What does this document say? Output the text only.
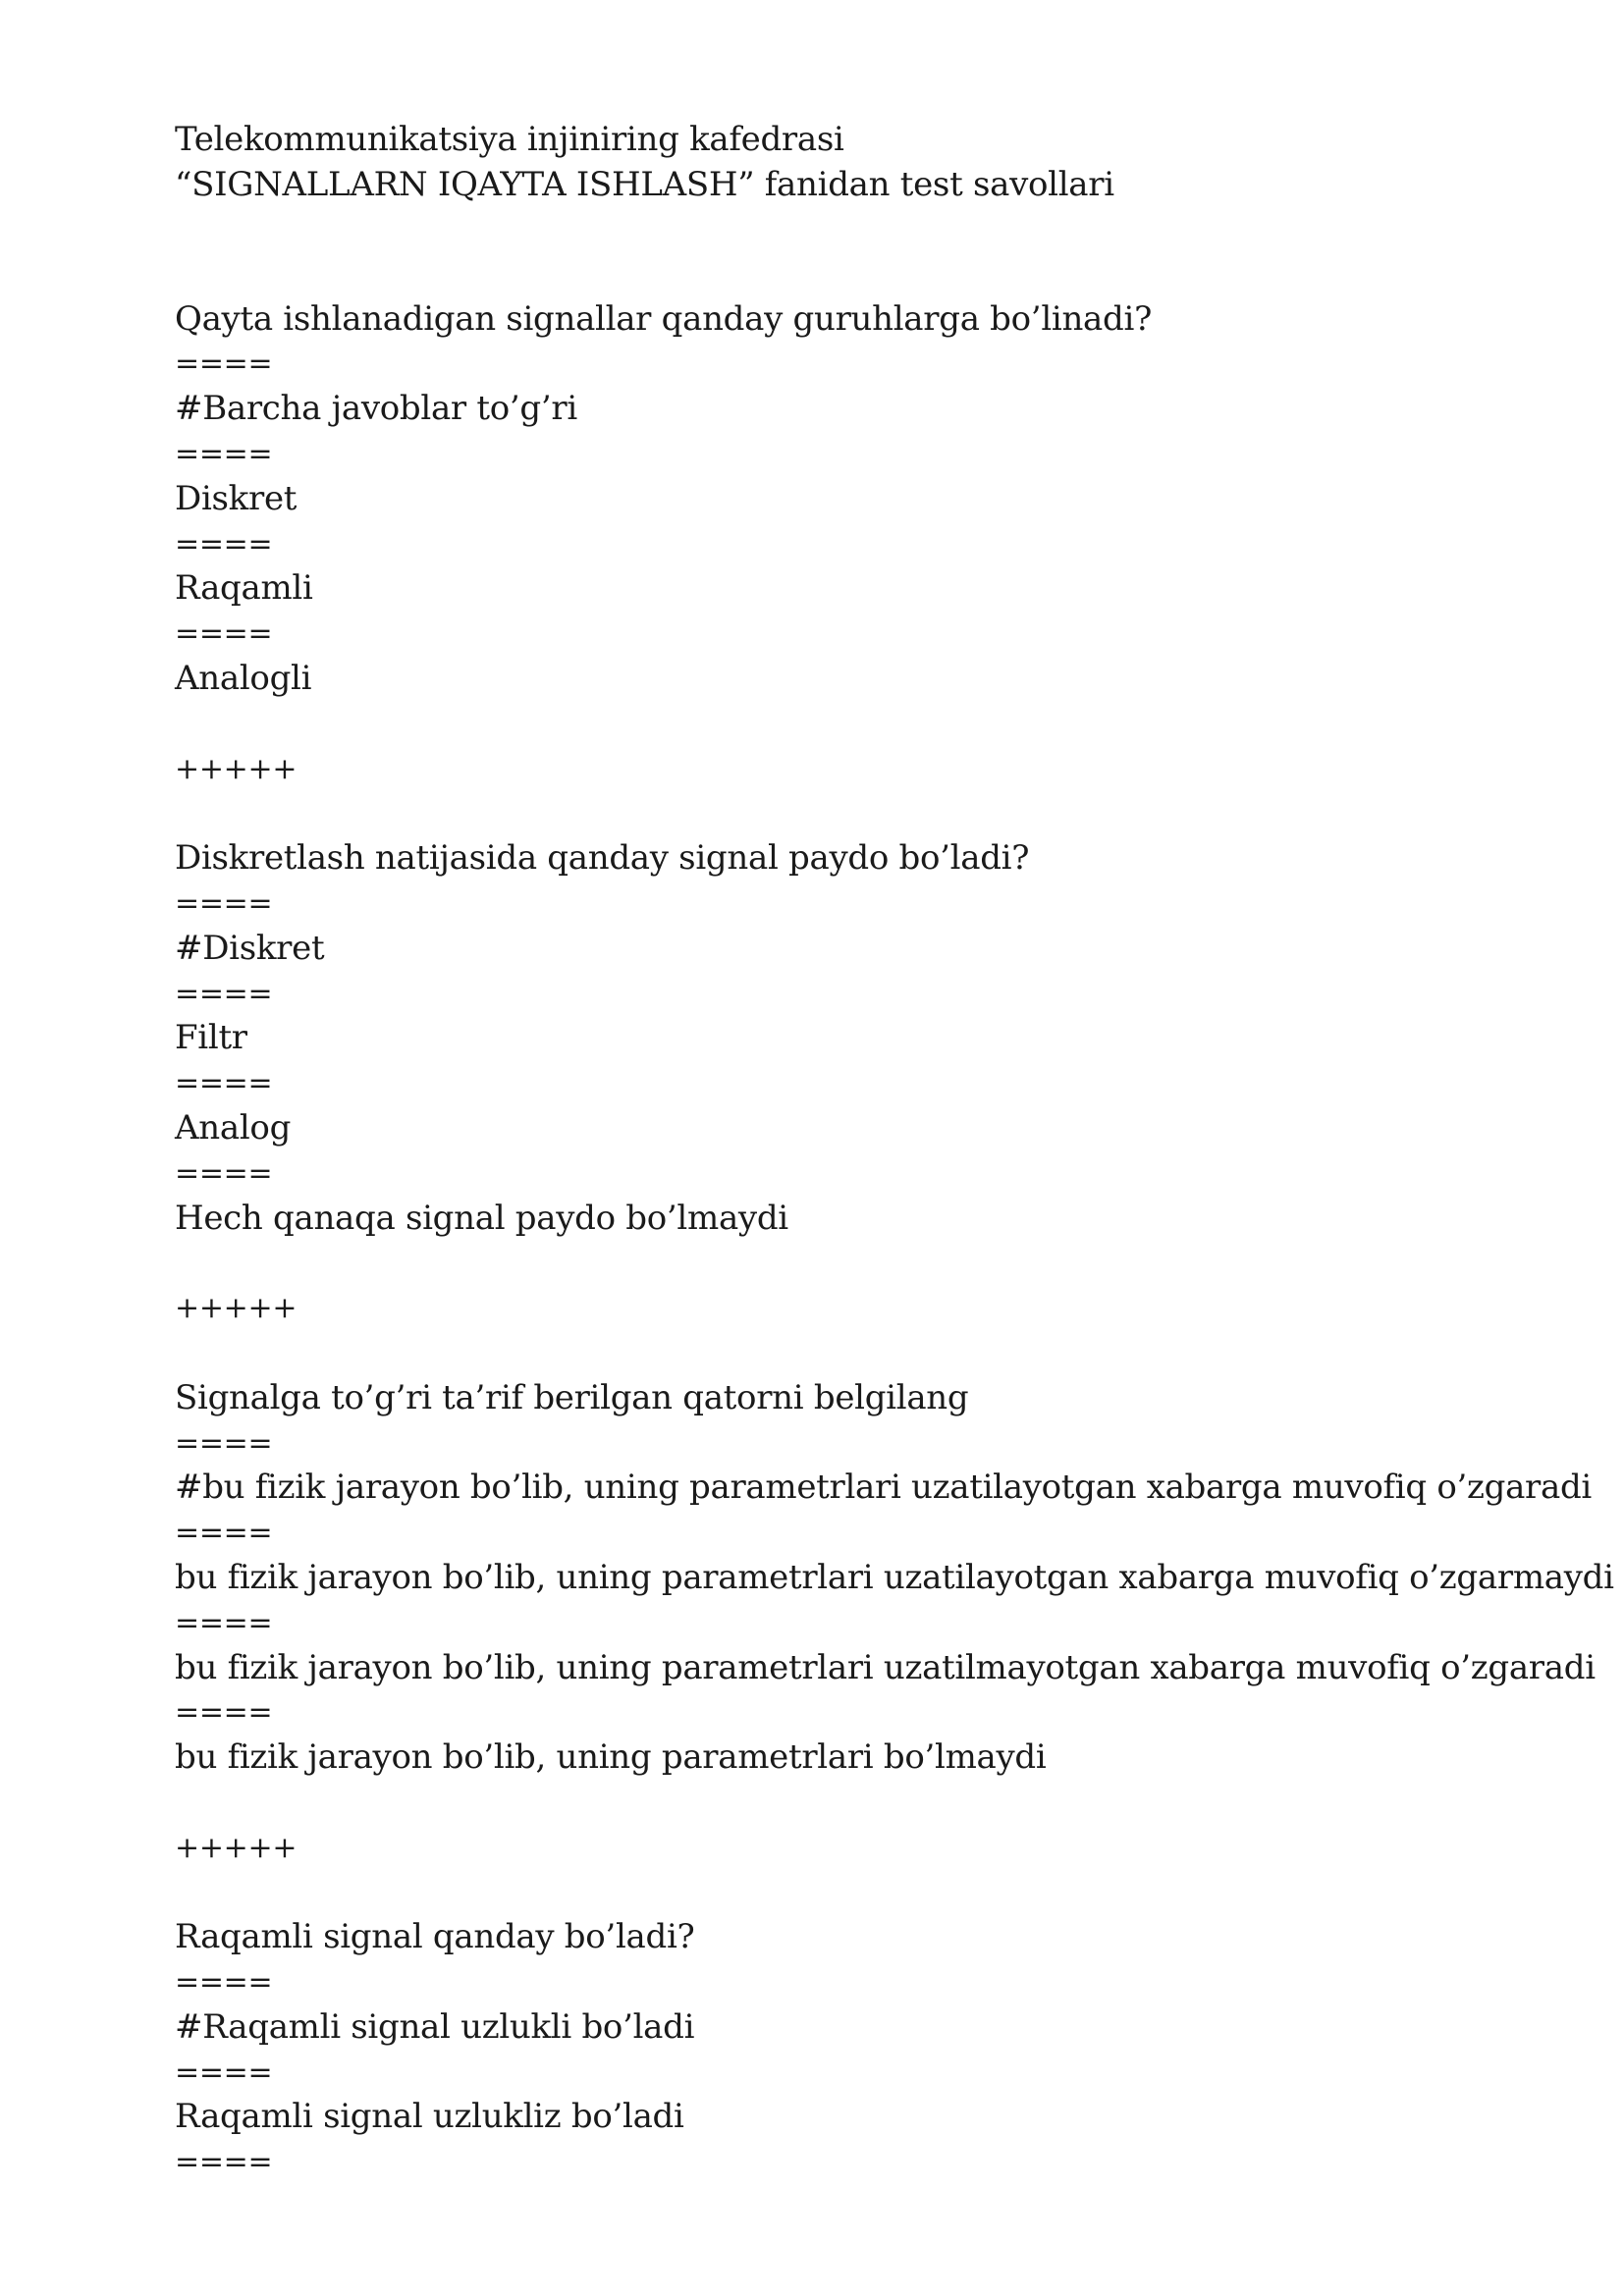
Telekommunikatsiya injiniring kafedrasi
“SIGNALLARN IQAYTA ISHLASH” fanidan test savollari
Qayta ishlanadigan signallar qanday guruhlarga bo’linadi?
====
#Barcha javoblar to’g’ri
====
Diskret
====
Raqamli
====
Analogli
+++++
Diskretlash natijasida qanday signal paydo bo’ladi?
====
#Diskret
====
Filtr
====
Analog
====
Hech qanaqa signal paydo bo’lmaydi
+++++
Signalga to’g’ri ta’rif berilgan qatorni belgilang
====
#bu fizik jarayon bo’lib, uning parametrlari uzatilayotgan xabarga muvofiq o’zgaradi
====
bu fizik jarayon bo’lib, uning parametrlari uzatilayotgan xabarga muvofiq o’zgarmaydi
====
bu fizik jarayon bo’lib, uning parametrlari uzatilmayotgan xabarga muvofiq o’zgaradi
====
bu fizik jarayon bo’lib, uning parametrlari bo’lmaydi
+++++
Raqamli signal qanday bo’ladi?
====
#Raqamli signal uzlukli bo’ladi
====
Raqamli signal uzlukliz bo’ladi
====
